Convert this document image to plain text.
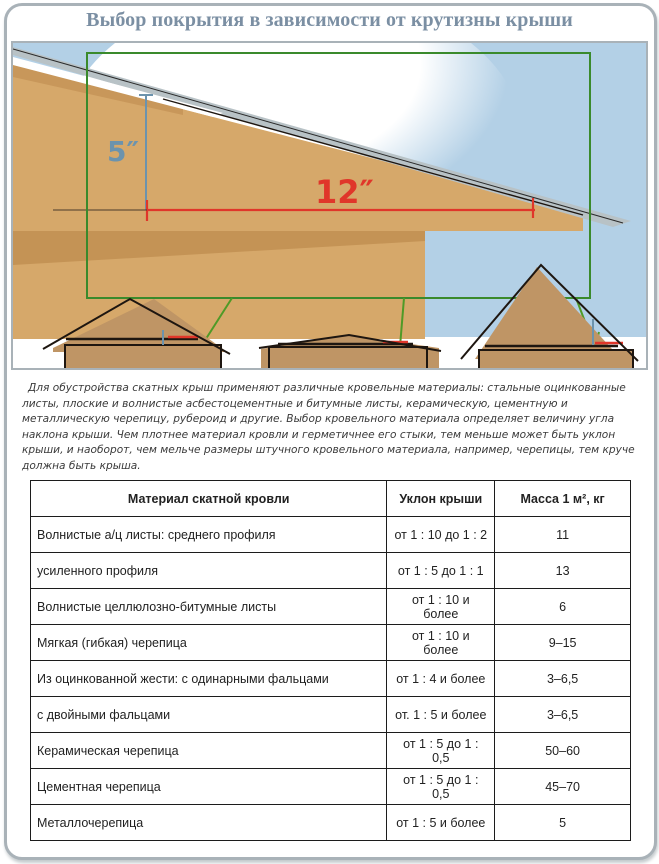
Выбор покрытия в зависимости от крутизны крыши
5″
12″
Для обустройства скатных крыш применяют различные кровельные материалы: стальные оцинкованные листы, плоские и волнистые асбестоцементные и битумные листы, керамическую, цементную и металлическую черепицу, рубероид и другие. Выбор кровельного материала определяет величину угла наклона крыши. Чем плотнее материал кровли и герметичнее его стыки, тем меньше может быть уклон крыши, и наоборот, чем мельче размеры штучного кровельного материала, например, черепицы, тем круче должна быть крыша.
Материал скатной кровли	Уклон крыши	Масса 1 м², кг
Волнистые а/ц листы: среднего профиля	от 1 : 10 до 1 : 2	11
усиленного профиля	от 1 : 5 до 1 : 1	13
Волнистые целлюлозно-битумные листы	от 1 : 10 и более	6
Мягкая (гибкая) черепица	от 1 : 10 и более	9–15
Из оцинкованной жести: с одинарными фальцами	от 1 : 4 и более	3–6,5
с двойными фальцами	от. 1 : 5 и более	3–6,5
Керамическая черепица	от 1 : 5 до 1 : 0,5	50–60
Цементная черепица	от 1 : 5 до 1 : 0,5	45–70
Металлочерепица	от 1 : 5 и более	5
